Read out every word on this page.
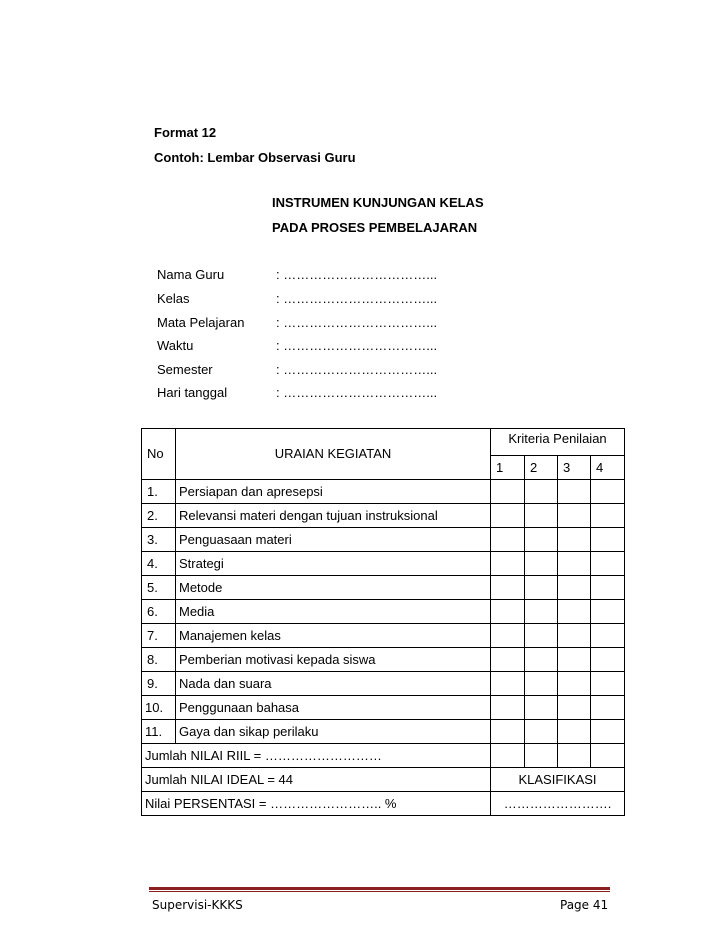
Format 12
Contoh: Lembar Observasi Guru
INSTRUMEN KUNJUNGAN KELAS
PADA PROSES PEMBELAJARAN
Nama Guru	: ……………………………...
Kelas	: ……………………………...
Mata Pelajaran : ……………………………...
Waktu	: ……………………………...
Semester	: ……………………………...
Hari tanggal	: ……………………………...
No	URAIAN KEGIATAN	Kriteria Penilaian			
		1	2	3	4
1.	Persiapan dan apresepsi				
2.	Relevansi materi dengan tujuan instruksional				
3.	Penguasaan materi				
4.	Strategi				
5.	Metode				
6.	Media				
7.	Manajemen kelas				
8.	Pemberian motivasi kepada siswa				
9.	Nada dan suara				
10.	Penggunaan bahasa				
11.	Gaya dan sikap perilaku				
Jumlah NILAI RIIL = ………………………					
Jumlah NILAI IDEAL = 44		KLASIFIKASI			
Nilai PERSENTASI = …………………….. %		…………………….			
Supervisi-KKKS	Page 41
